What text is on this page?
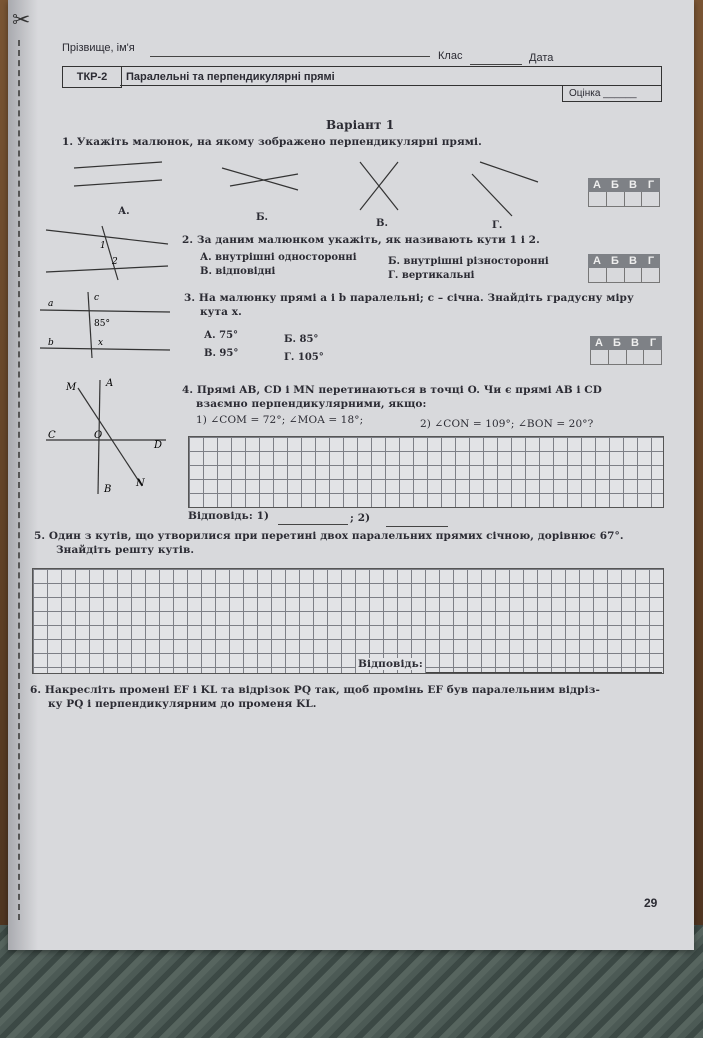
✂
Прізвище, ім'я
Клас	Дата
ТКР-2	Паралельні та перпендикулярні прямі
Оцінка ______
Варіант 1
1. Укажіть малюнок, на якому зображено перпендикулярні прямі.
А.
Б.
В.	Г.
А Б В Г
1
2
2. За даним малюнком укажіть, як називають кути 1 і 2.
А. внутрішні односторонні	Б. внутрішні різносторонні
В. відповідні	Г. вертикальні
А Б В Г
a
b
c
85°
x
3. На малюнку прямі a і b паралельні; c – січна. Знайдіть градусну міру
кута x.
А. 75°	Б. 85°
В. 95°	Г. 105°
А Б В Г
M	A
C	O
D
B
N
4. Прямі AB, CD і MN перетинаються в точці O. Чи є прямі AB і CD
взаємно перпендикулярними, якщо:
1) ∠COM = 72°; ∠MOA = 18°;	2) ∠CON = 109°; ∠BON = 20°?
Відповідь: 1)	; 2)
5. Один з кутів, що утворилися при перетині двох паралельних прямих січною, дорівнює 67°.
Знайдіть решту кутів.
Відповідь:
6. Накресліть промені EF і KL та відрізок PQ так, щоб промінь EF був паралельним відріз-
ку PQ і перпендикулярним до променя KL.
29
